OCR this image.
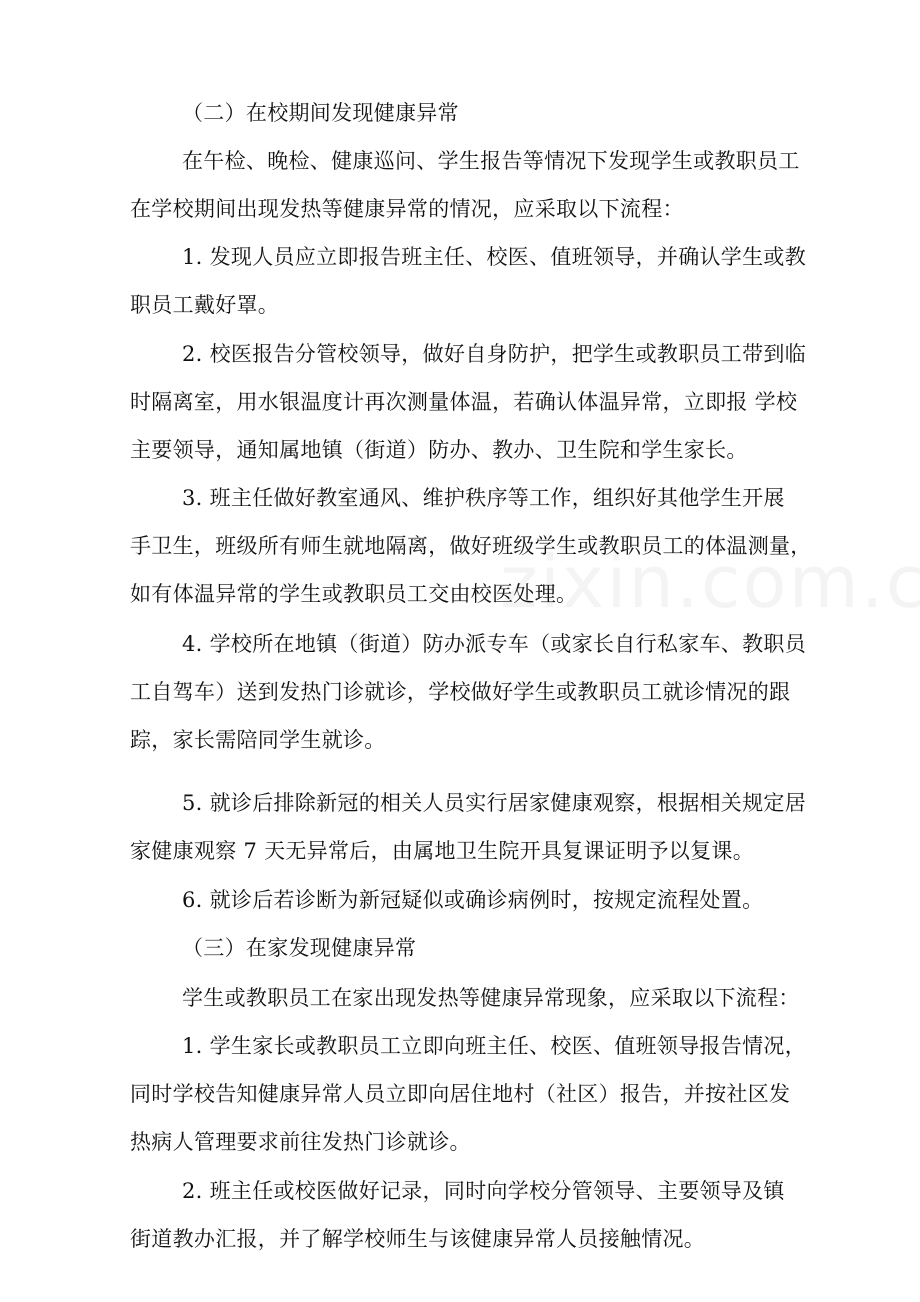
（二）在校期间发现健康异常
在午检、晚检、健康巡问、学生报告等情况下发现学生或教职员工
在学校期间出现发热等健康异常的情况，应采取以下流程：
1. 发现人员应立即报告班主任、校医、值班领导，并确认学生或教
职员工戴好罩。
2. 校医报告分管校领导，做好自身防护，把学生或教职员工带到临
时隔离室，用水银温度计再次测量体温，若确认体温异常，立即报 学校
主要领导，通知属地镇（街道）防办、教办、卫生院和学生家长。
3. 班主任做好教室通风、维护秩序等工作，组织好其他学生开展
手卫生，班级所有师生就地隔离，做好班级学生或教职员工的体温测量，
如有体温异常的学生或教职员工交由校医处理。
4. 学校所在地镇（街道）防办派专车（或家长自行私家车、教职员
工自驾车）送到发热门诊就诊，学校做好学生或教职员工就诊情况的跟
踪，家长需陪同学生就诊。
5. 就诊后排除新冠的相关人员实行居家健康观察，根据相关规定居
家健康观察 7 天无异常后，由属地卫生院开具复课证明予以复课。
6. 就诊后若诊断为新冠疑似或确诊病例时，按规定流程处置。
（三）在家发现健康异常
学生或教职员工在家出现发热等健康异常现象，应采取以下流程：
1. 学生家长或教职员工立即向班主任、校医、值班领导报告情况，
同时学校告知健康异常人员立即向居住地村（社区）报告，并按社区发
热病人管理要求前往发热门诊就诊。
2. 班主任或校医做好记录，同时向学校分管领导、主要领导及镇
街道教办汇报，并了解学校师生与该健康异常人员接触情况。
